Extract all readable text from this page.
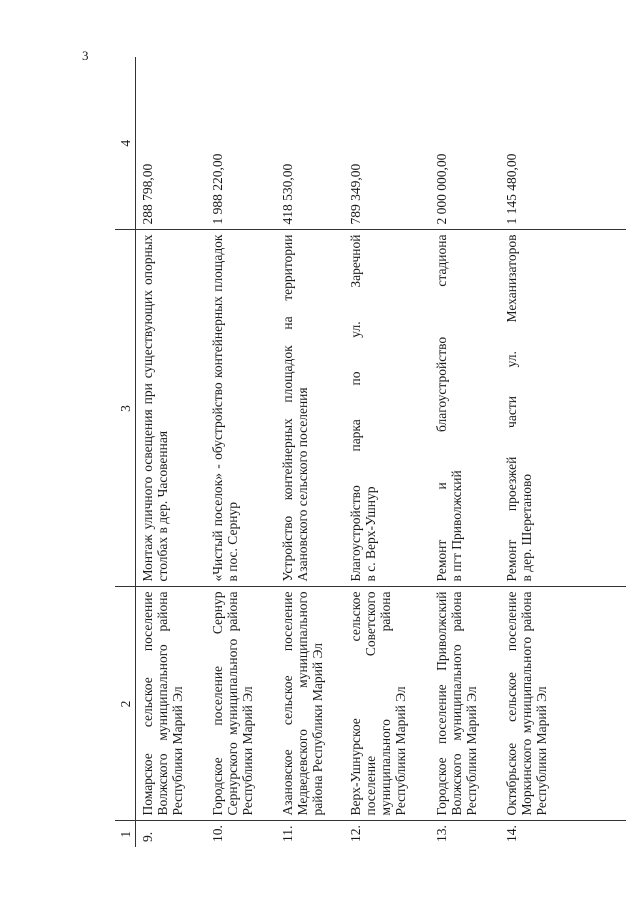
3
1	2	3	4
9.	Помарское сельское поселение Волжского муниципального района Республики Марий Эл	Монтаж уличного освещения при существующих опорных столбах в дер. Часовенная	288 798,00
10.	Городское поселение Сернур Сернурского муниципального района Республики Марий Эл	«Чистый поселок» - обустройство контейнерных площадок в пос. Сернур	1 988 220,00
11.	Азановское сельское поселение Медведевского муниципального района Республики Марий Эл	Устройство контейнерных площадок на территории Азановского сельского поселения	418 530,00
12.	Верх-Ушнурское сельское поселение Советского муниципального района Республики Марий Эл	Благоустройство парка по ул. Заречной в с. Верх-Ушнур	789 349,00
13.	Городское поселение Приволжский Волжского муниципального района Республики Марий Эл	Ремонт и благоустройство стадиона в пгт Приволжский	2 000 000,00
14.	Октябрьское сельское поселение Моркинского муниципального района Республики Марий Эл	Ремонт проезжей части ул. Механизаторов в дер. Шеретаново	1 145 480,00
